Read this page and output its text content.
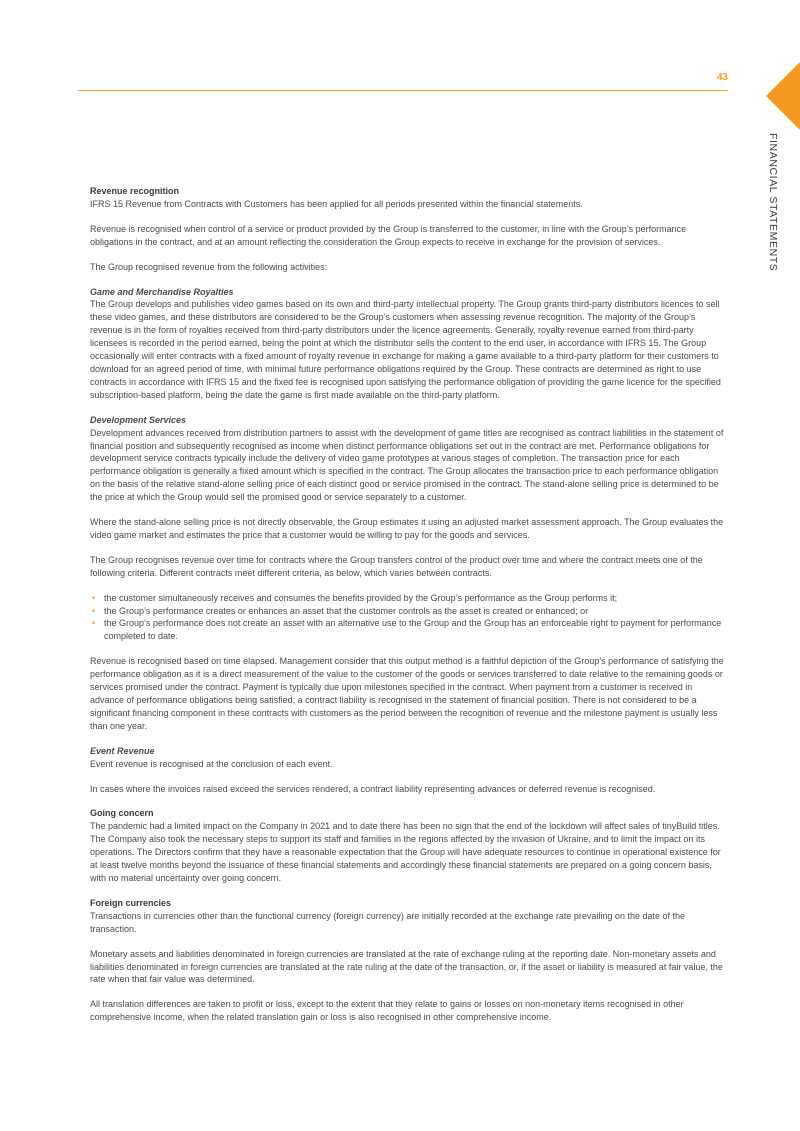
43
FINANCIAL STATEMENTS
Revenue recognition

IFRS 15 Revenue from Contracts with Customers has been applied for all periods presented within the financial statements.

Revenue is recognised when control of a service or product provided by the Group is transferred to the customer, in line with the Group’s performance obligations in the contract, and at an amount reflecting the consideration the Group expects to receive in exchange for the provision of services.

The Group recognised revenue from the following activities:

Game and Merchandise Royalties

The Group develops and publishes video games based on its own and third-party intellectual property. The Group grants third-party distributors licences to sell these video games, and these distributors are considered to be the Group’s customers when assessing revenue recognition. The majority of the Group’s revenue is in the form of royalties received from third-party distributors under the licence agreements. Generally, royalty revenue earned from third-party licensees is recorded in the period earned, being the point at which the distributor sells the content to the end user, in accordance with IFRS 15. The Group occasionally will enter contracts with a fixed amount of royalty revenue in exchange for making a game available to a third-party platform for their customers to download for an agreed period of time, with minimal future performance obligations required by the Group. These contracts are determined as right to use contracts in accordance with IFRS 15 and the fixed fee is recognised upon satisfying the performance obligation of providing the game licence for the specified subscription-based platform, being the date the game is first made available on the third-party platform.

Development Services

Development advances received from distribution partners to assist with the development of game titles are recognised as contract liabilities in the statement of financial position and subsequently recognised as income when distinct performance obligations set out in the contract are met. Performance obligations for development service contracts typically include the delivery of video game prototypes at various stages of completion. The transaction price for each performance obligation is generally a fixed amount which is specified in the contract. The Group allocates the transaction price to each performance obligation on the basis of the relative stand-alone selling price of each distinct good or service promised in the contract. The stand-alone selling price is determined to be the price at which the Group would sell the promised good or service separately to a customer.

Where the stand-alone selling price is not directly observable, the Group estimates it using an adjusted market assessment approach. The Group evaluates the video game market and estimates the price that a customer would be willing to pay for the goods and services.

The Group recognises revenue over time for contracts where the Group transfers control of the product over time and where the contract meets one of the following criteria. Different contracts meet different criteria, as below, which varies between contracts.

• the customer simultaneously receives and consumes the benefits provided by the Group’s performance as the Group performs it;
• the Group’s performance creates or enhances an asset that the customer controls as the asset is created or enhanced; or
• the Group’s performance does not create an asset with an alternative use to the Group and the Group has an enforceable right to payment for performance completed to date.

Revenue is recognised based on time elapsed. Management consider that this output method is a faithful depiction of the Group’s performance of satisfying the performance obligation as it is a direct measurement of the value to the customer of the goods or services transferred to date relative to the remaining goods or services promised under the contract. Payment is typically due upon milestones specified in the contract. When payment from a customer is received in advance of performance obligations being satisfied, a contract liability is recognised in the statement of financial position. There is not considered to be a significant financing component in these contracts with customers as the period between the recognition of revenue and the milestone payment is usually less than one year.

Event Revenue

Event revenue is recognised at the conclusion of each event.

In cases where the invoices raised exceed the services rendered, a contract liability representing advances or deferred revenue is recognised.

Going concern

The pandemic had a limited impact on the Company in 2021 and to date there has been no sign that the end of the lockdown will affect sales of tinyBuild titles. The Company also took the necessary steps to support its staff and families in the regions affected by the invasion of Ukraine, and to limit the impact on its operations. The Directors confirm that they have a reasonable expectation that the Group will have adequate resources to continue in operational existence for at least twelve months beyond the issuance of these financial statements and accordingly these financial statements are prepared on a going concern basis, with no material uncertainty over going concern.

Foreign currencies

Transactions in currencies other than the functional currency (foreign currency) are initially recorded at the exchange rate prevailing on the date of the transaction.

Monetary assets and liabilities denominated in foreign currencies are translated at the rate of exchange ruling at the reporting date. Non-monetary assets and liabilities denominated in foreign currencies are translated at the rate ruling at the date of the transaction, or, if the asset or liability is measured at fair value, the rate when that fair value was determined.

All translation differences are taken to profit or loss, except to the extent that they relate to gains or losses on non-monetary items recognised in other comprehensive income, when the related translation gain or loss is also recognised in other comprehensive income.
